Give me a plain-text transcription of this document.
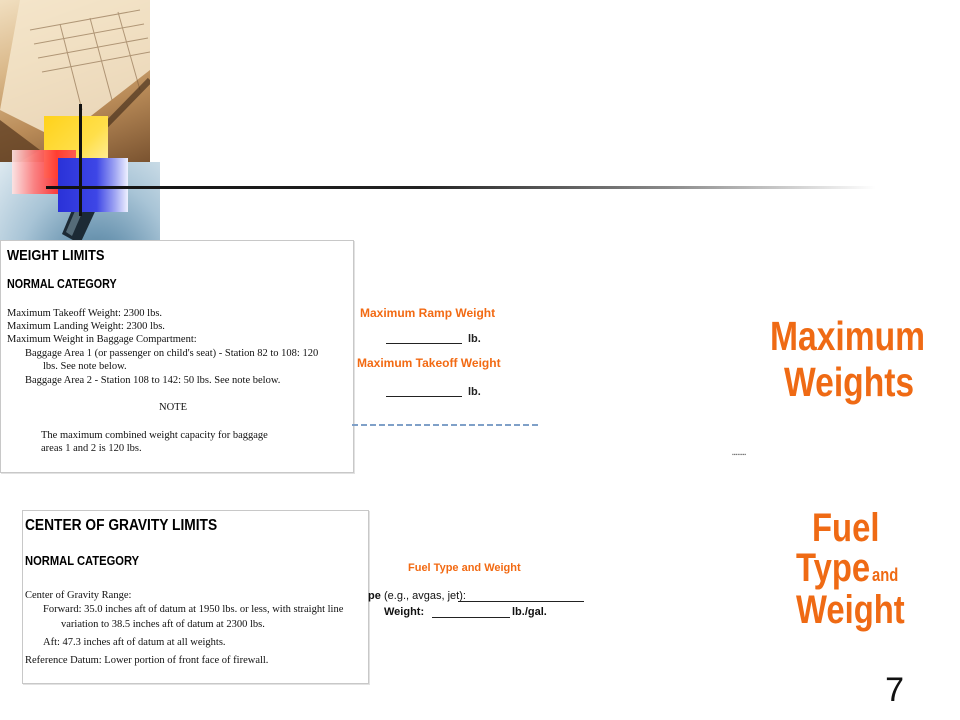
WEIGHT LIMITS
NORMAL CATEGORY
Maximum Takeoff Weight: 2300 lbs.
Maximum Landing Weight: 2300 lbs.
Maximum Weight in Baggage Compartment:
Baggage Area 1 (or passenger on child's seat) - Station 82 to 108: 120
lbs. See note below.
Baggage Area 2 - Station 108 to 142: 50 lbs. See note below.
NOTE
The maximum combined weight capacity for baggage
areas 1 and 2 is 120 lbs.
Maximum Ramp Weight
lb.
Maximum Takeoff Weight
lb.
Maximum
Weights
▪▪▪▪▪▪▪▪
CENTER OF GRAVITY LIMITS
NORMAL CATEGORY
Center of Gravity Range:
Forward: 35.0 inches aft of datum at 1950 lbs. or less, with straight line
variation to 38.5 inches aft of datum at 2300 lbs.
Aft: 47.3 inches aft of datum at all weights.
Reference Datum: Lower portion of front face of firewall.
Fuel Type and Weight
pe (e.g., avgas, jet):
Weight:	lb./gal.
Fuel
Type and
Weight
7
